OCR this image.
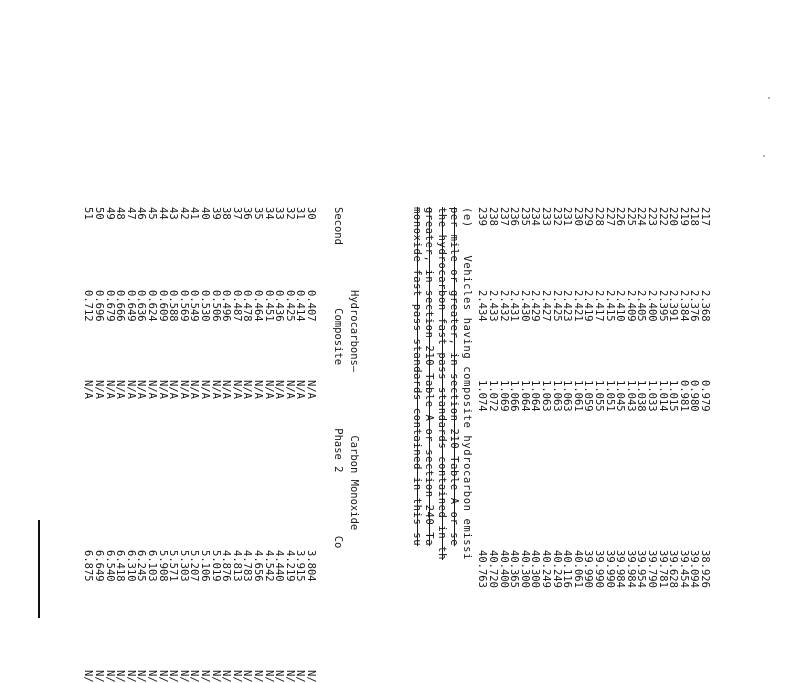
217
2.368
0.979
38.926
218
2.376
0.980
39.094
219
2.384
0.981
39.454
220
2.391
1.015
39.628
222
2.395
1.014
39.781
223
2.400
1.033
39.790
224
2.405
1.038
39.954
225
2.409
1.043
39.984
226
2.410
1.045
39.984
227
2.415
1.051
39.990
228
2.417
1.055
39.990
229
2.419
1.059
39.990
230
2.421
1.061
40.061
231
2.423
1.063
40.116
232
2.425
1.063
40.249
233
2.427
1.063
40.249
234
2.429
1.064
40.300
235
2.430
1.064
40.300
236
2.431
1.066
40.365
237
2.432
1.069
40.400
238
2.433
1.072
40.720
239
2.434
1.074
40.763
(e)    Vehicles having composite hydrocarbon emissi
per mile or greater, in section 210 Table A or se
the hydrocarbon fast pass standards contained in th
greater, in section 210 Table A or section 240 Ta
monoxide fast pass standards contained in this su
Hydrocarbons—          Carbon Monoxide
Second          Composite          Phase 2          Co
30
0.407
N/A
3.804
N/
31
0.414
N/A
3.915
N/
32
0.425
N/A
4.219
N/
33
0.436
N/A
4.440
N/
34
0.451
N/A
4.542
N/
35
0.464
N/A
4.656
N/
36
0.478
N/A
4.783
N/
37
0.487
N/A
4.813
N/
38
0.496
N/A
4.876
N/
39
0.506
N/A
5.019
N/
40
0.530
N/A
5.106
N/
41
0.549
N/A
5.207
N/
42
0.569
N/A
5.303
N/
43
0.588
N/A
5.571
N/
44
0.609
N/A
5.908
N/
45
0.624
N/A
6.103
N/
46
0.636
N/A
6.245
N/
47
0.649
N/A
6.310
N/
48
0.666
N/A
6.418
N/
49
0.679
N/A
6.540
N/
50
0.696
N/A
6.649
N/
51
0.712
N/A
6.875
N/
